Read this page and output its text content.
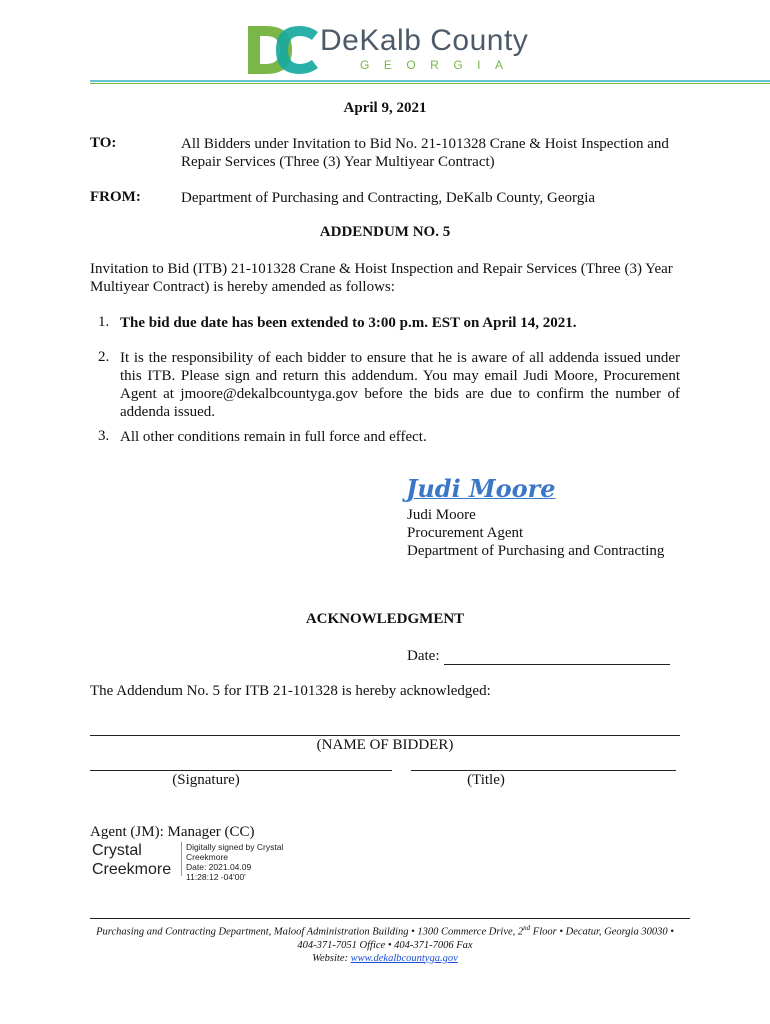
DeKalb County
GEORGIA
April 9, 2021
TO:	All Bidders under Invitation to Bid No. 21-101328 Crane & Hoist Inspection and
Repair Services (Three (3) Year Multiyear Contract)
FROM:	Department of Purchasing and Contracting, DeKalb County, Georgia
ADDENDUM NO. 5
Invitation to Bid (ITB) 21-101328 Crane & Hoist Inspection and Repair Services (Three (3) Year
Multiyear Contract) is hereby amended as follows:
1. The bid due date has been extended to 3:00 p.m. EST on April 14, 2021.
2. It is the responsibility of each bidder to ensure that he is aware of all addenda issued under this ITB. Please sign and return this addendum. You may email Judi Moore, Procurement Agent at jmoore@dekalbcountyga.gov before the bids are due to confirm the number of addenda issued.
3. All other conditions remain in full force and effect.
Judi Moore
Judi Moore
Procurement Agent
Department of Purchasing and Contracting
ACKNOWLEDGMENT
Date:
The Addendum No. 5 for ITB 21-101328 is hereby acknowledged:
(NAME OF BIDDER)
(Signature)	(Title)
Agent (JM): Manager (CC)
Crystal
Creekmore
Digitally signed by Crystal
Creekmore
Date: 2021.04.09
11:28:12 -04'00'
Purchasing and Contracting Department, Maloof Administration Building • 1300 Commerce Drive, 2nd Floor • Decatur, Georgia 30030 •
404-371-7051 Office • 404-371-7006 Fax
Website: www.dekalbcountyga.gov
